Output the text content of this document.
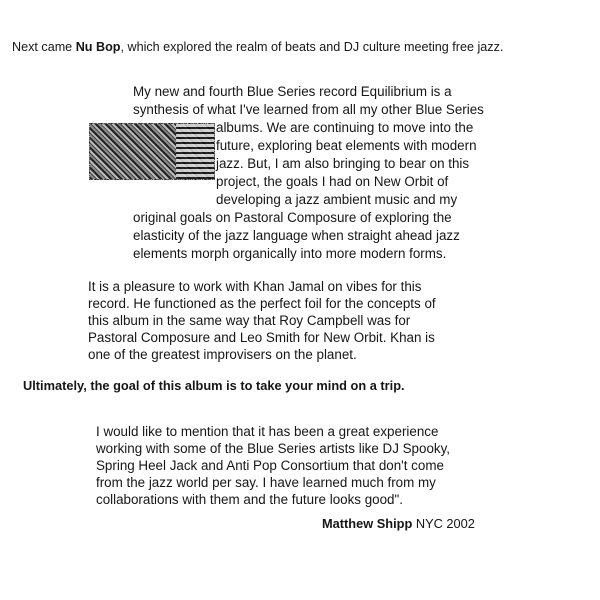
Next came Nu Bop, which explored the realm of beats and DJ culture meeting free jazz.
My new and fourth Blue Series record Equilibrium is a
synthesis of what I've learned from all my other Blue Series
albums. We are continuing to move into the
future, exploring beat elements with modern
jazz. But, I am also bringing to bear on this
project, the goals I had on New Orbit of
developing a jazz ambient music and my
original goals on Pastoral Composure of exploring the
elasticity of the jazz language when straight ahead jazz
elements morph organically into more modern forms.
It is a pleasure to work with Khan Jamal on vibes for this
record. He functioned as the perfect foil for the concepts of
this album in the same way that Roy Campbell was for
Pastoral Composure and Leo Smith for New Orbit. Khan is
one of the greatest improvisers on the planet.
Ultimately, the goal of this album is to take your mind on a trip.
I would like to mention that it has been a great experience
working with some of the Blue Series artists like DJ Spooky,
Spring Heel Jack and Anti Pop Consortium that don't come
from the jazz world per say. I have learned much from my
collaborations with them and the future looks good".
Matthew Shipp NYC 2002
